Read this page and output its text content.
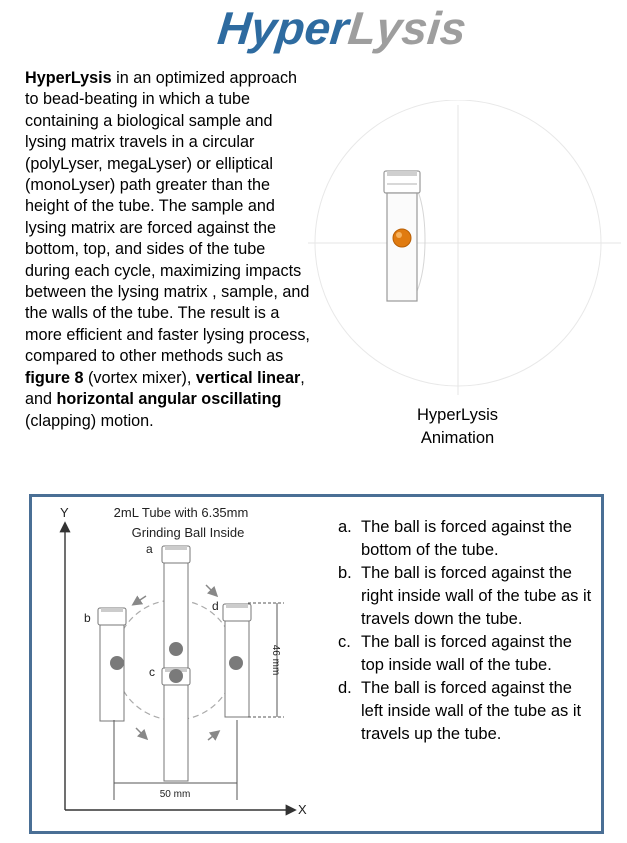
HyperLysis
HyperLysis in an optimized approach to bead-beating in which a tube containing a biological sample and lysing matrix travels in a circular (polyLyser, megaLyser) or elliptical (monoLyser) path greater than the height of the tube. The sample and lysing matrix are forced against the bottom, top, and sides of the tube during each cycle, maximizing impacts between the lysing matrix , sample, and the walls of the tube. The result is a more efficient and faster lysing process, compared to other methods such as figure 8 (vortex mixer), vertical linear, and horizontal angular oscillating (clapping) motion.	HyperLysis
Animation
Y
X
2mL Tube with 6.35mm
Grinding Ball Inside
a
b
c
d
46 mm
50 mm
a. The ball is forced against the bottom of the tube.
b. The ball is forced against the right inside wall of the tube as it travels down the tube.
c. The ball is forced against the top inside wall of the tube.
d. The ball is forced against the left inside wall of the tube as it travels up the tube.
